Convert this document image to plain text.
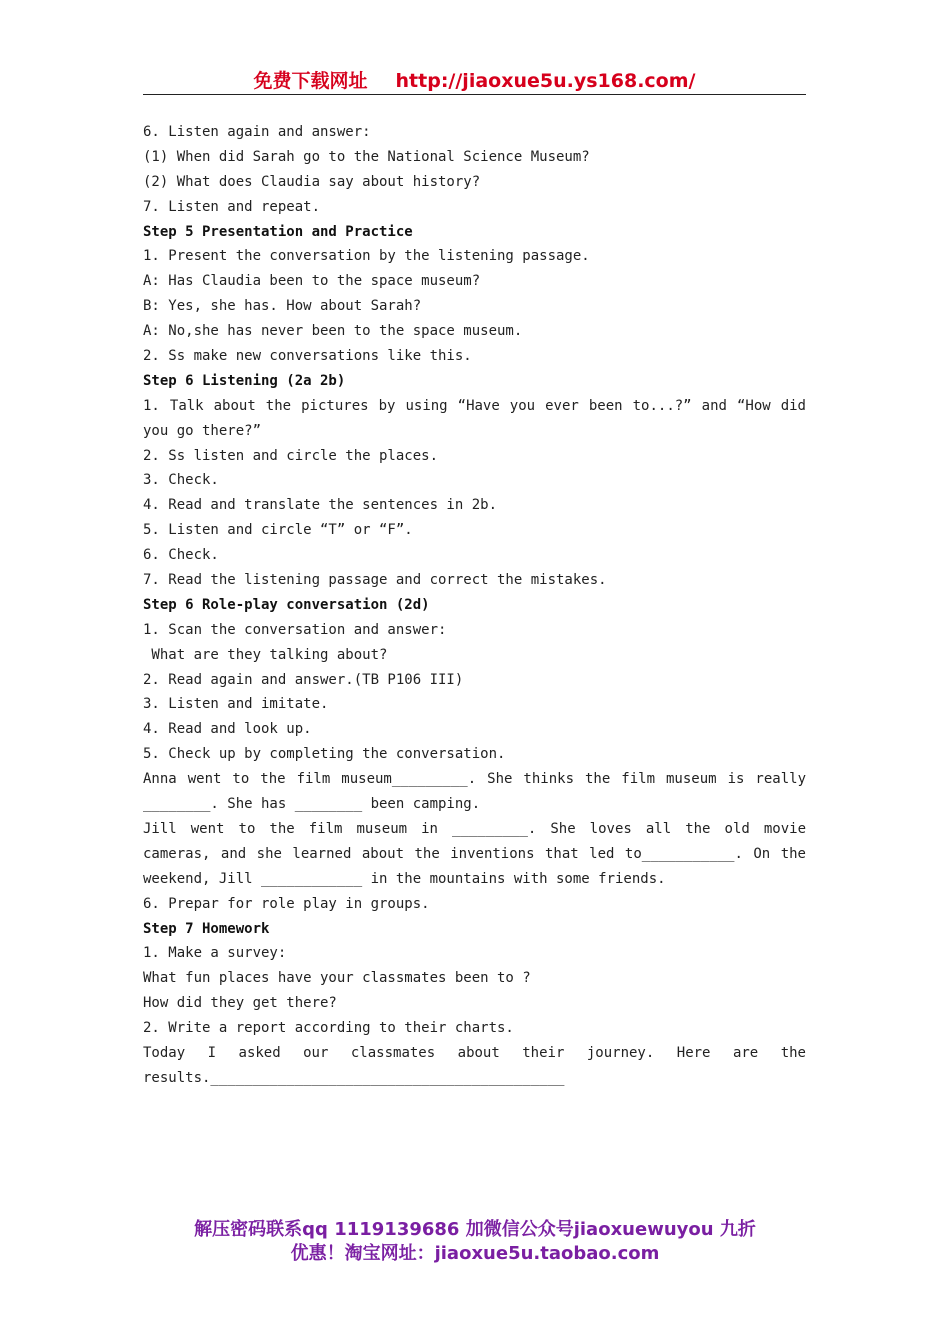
免费下载网址 http://jiaoxue5u.ys168.com/
6. Listen again and answer:
(1) When did Sarah go to the National Science Museum?
(2) What does Claudia say about history?
7. Listen and repeat.
Step 5 Presentation and Practice
1. Present the conversation by the listening passage.
A: Has Claudia been to the space museum?
B: Yes, she has. How about Sarah?
A: No,she has never been to the space museum.
2. Ss make new conversations like this.
Step 6 Listening (2a 2b)
1. Talk about the pictures by using “Have you ever been to...?” and “How did
you go there?”
2. Ss listen and circle the places.
3. Check.
4. Read and translate the sentences in 2b.
5. Listen and circle “T” or “F”.
6. Check.
7. Read the listening passage and correct the mistakes.
Step 6 Role-play conversation (2d)
1. Scan the conversation and answer:
What are they talking about?
2. Read again and answer.(TB P106 III)
3. Listen and imitate.
4. Read and look up.
5. Check up by completing the conversation.
Anna went to the film museum_________. She thinks the film museum is really
________. She has ________ been camping.
Jill went to the film museum in _________. She loves all the old movie
cameras, and she learned about the inventions that led to___________. On the
weekend, Jill ____________ in the mountains with some friends.
6. Prepar for role play in groups.
Step 7 Homework
1. Make a survey:
What fun places have your classmates been to ?
How did they get there?
2. Write a report according to their charts.
Today I asked our classmates about their journey. Here are the
results.__________________________________________
解压密码联系qq 1119139686 加微信公众号jiaoxuewuyou 九折
优惠！淘宝网址：jiaoxue5u.taobao.com
